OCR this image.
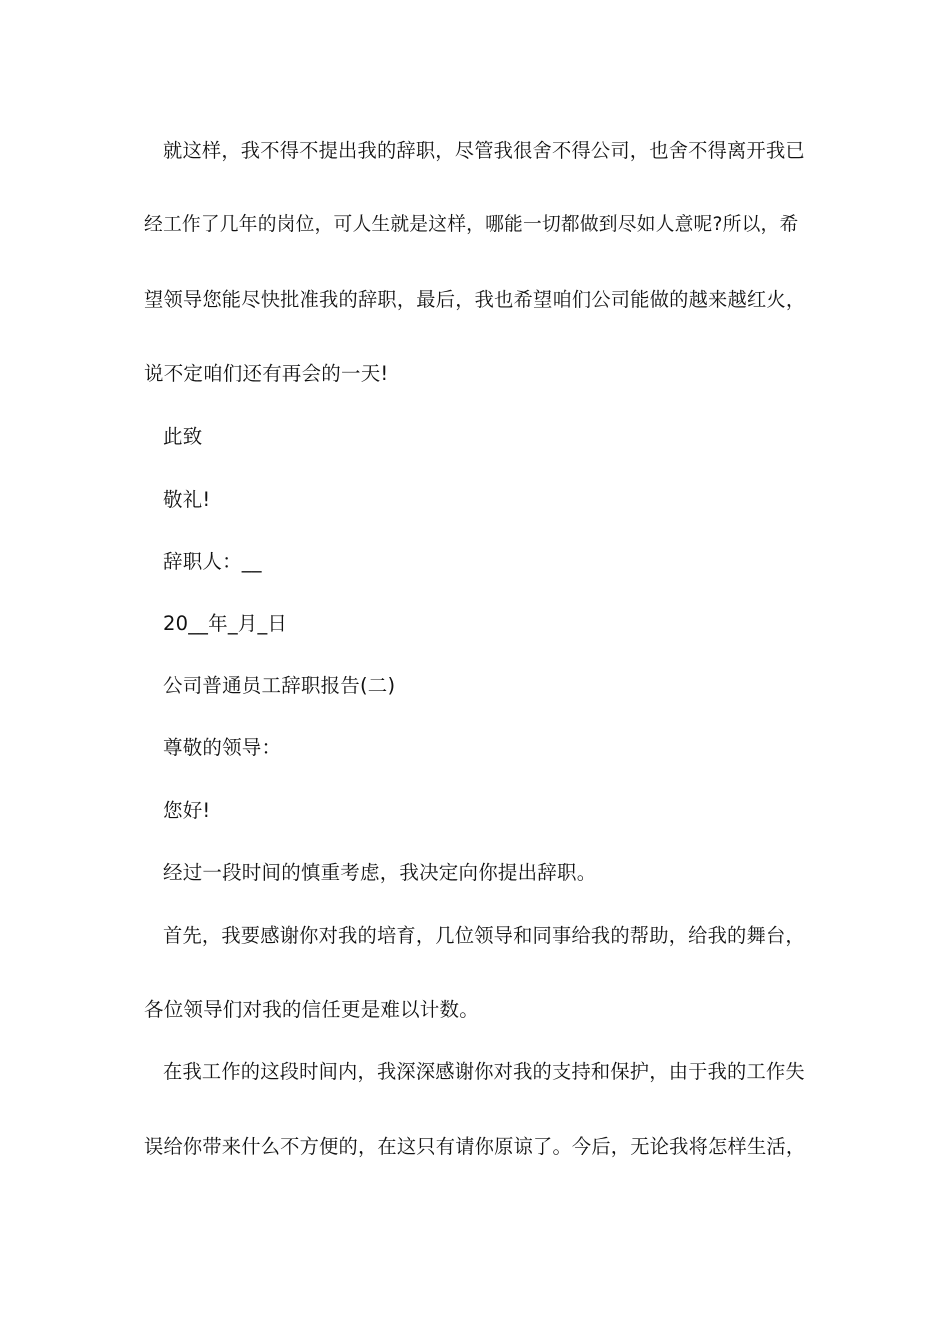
就这样，我不得不提出我的辞职，尽管我很舍不得公司，也舍不得离开我已
经工作了几年的岗位，可人生就是这样，哪能一切都做到尽如人意呢?所以，希
望领导您能尽快批准我的辞职，最后，我也希望咱们公司能做的越来越红火，
说不定咱们还有再会的一天!
此致
敬礼!
辞职人：__
20__年_月_日
公司普通员工辞职报告(二)
尊敬的领导：
您好!
经过一段时间的慎重考虑，我决定向你提出辞职。
首先，我要感谢你对我的培育，几位领导和同事给我的帮助，给我的舞台，
各位领导们对我的信任更是难以计数。
在我工作的这段时间内，我深深感谢你对我的支持和保护，由于我的工作失
误给你带来什么不方便的，在这只有请你原谅了。今后，无论我将怎样生活，
